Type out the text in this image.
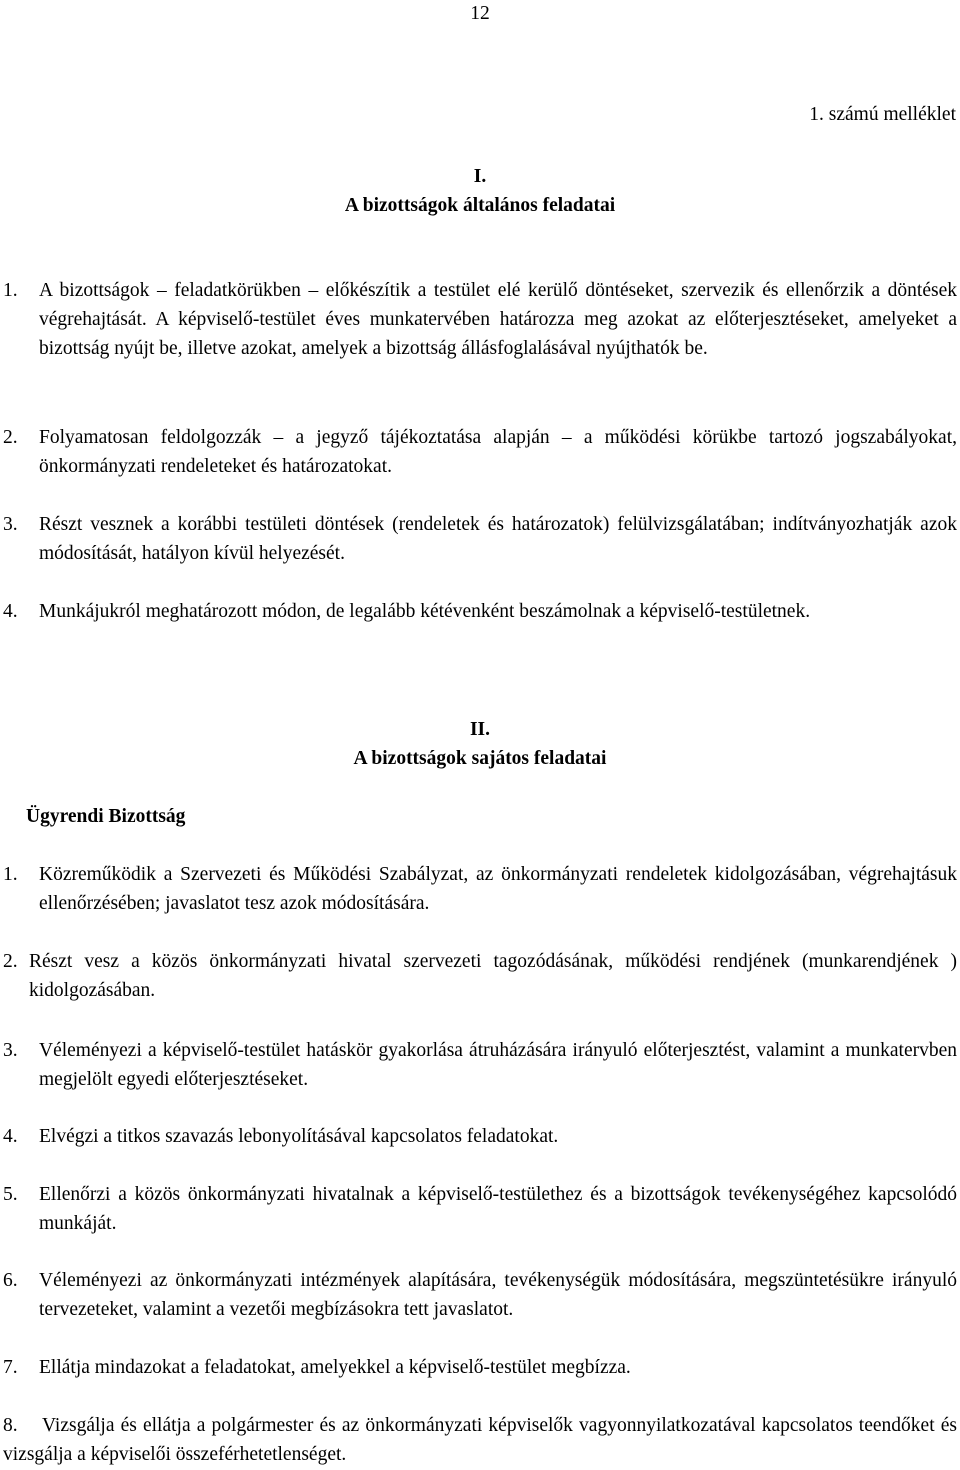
12
1. számú melléklet
I.
A bizottságok általános feladatai
1. A bizottságok – feladatkörükben – előkészítik a testület elé kerülő döntéseket, szervezik és ellenőrzik a döntések végrehajtását. A képviselő-testület éves munkatervében határozza meg azokat az előterjesztéseket, amelyeket a bizottság nyújt be, illetve azokat, amelyek a bizottság állásfoglalásával nyújthatók be.
2. Folyamatosan feldolgozzák – a jegyző tájékoztatása alapján – a működési körükbe tartozó jogszabályokat, önkormányzati rendeleteket és határozatokat.
3. Részt vesznek a korábbi testületi döntések (rendeletek és határozatok) felülvizsgálatában; indítványozhatják azok módosítását, hatályon kívül helyezését.
4. Munkájukról meghatározott módon, de legalább kétévenként beszámolnak a képviselő-testületnek.
II.
A bizottságok sajátos feladatai
Ügyrendi Bizottság
1. Közreműködik a Szervezeti és Működési Szabályzat, az önkormányzati rendeletek kidolgozásában, végrehajtásuk ellenőrzésében; javaslatot tesz azok módosítására.
2. Részt vesz a közös önkormányzati hivatal szervezeti tagozódásának, működési rendjének (munkarendjének ) kidolgozásában.
3. Véleményezi a képviselő-testület hatáskör gyakorlása átruházására irányuló előterjesztést, valamint a munkatervben megjelölt egyedi előterjesztéseket.
4. Elvégzi a titkos szavazás lebonyolításával kapcsolatos feladatokat.
5. Ellenőrzi a közös önkormányzati hivatalnak a képviselő-testülethez és a bizottságok tevékenységéhez kapcsolódó munkáját.
6. Véleményezi az önkormányzati intézmények alapítására, tevékenységük módosítására, megszüntetésükre irányuló tervezeteket, valamint a vezetői megbízásokra tett javaslatot.
7. Ellátja mindazokat a feladatokat, amelyekkel a képviselő-testület megbízza.
8.	Vizsgálja és ellátja a polgármester és az önkormányzati képviselők vagyonnyilatkozatával kapcsolatos teendőket és vizsgálja a képviselői összeférhetetlenséget.
